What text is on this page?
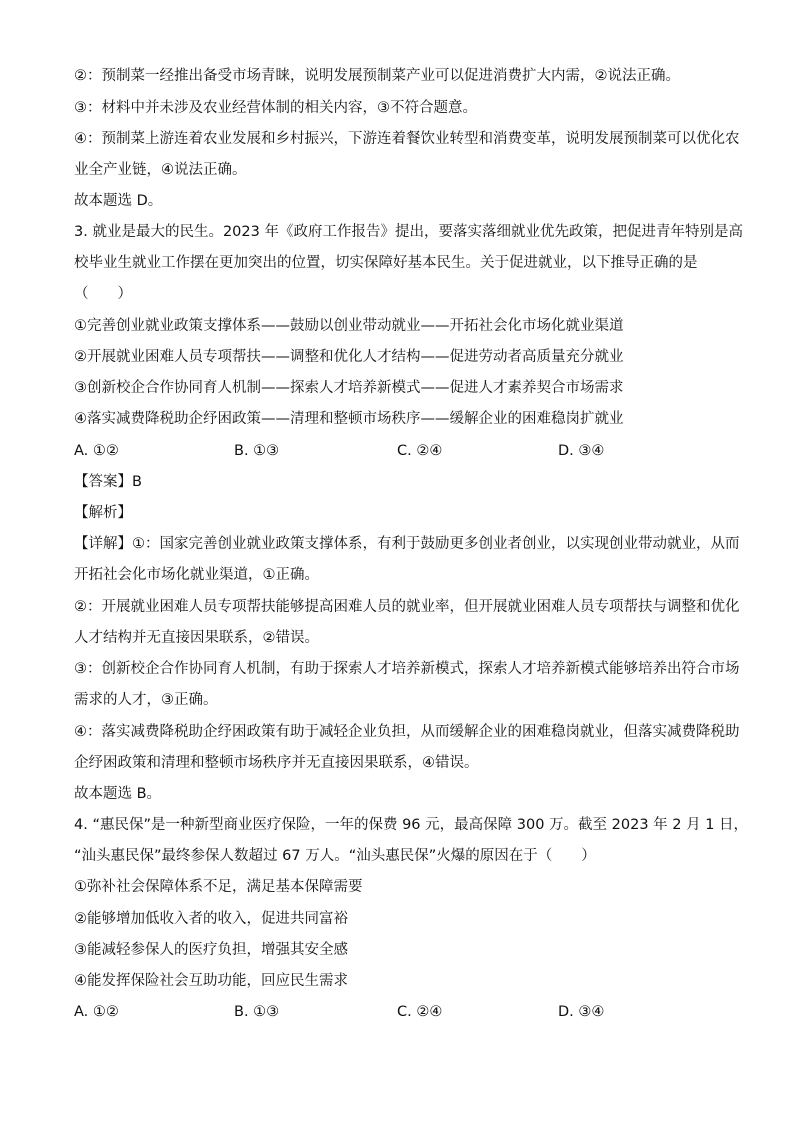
②：预制菜一经推出备受市场青睐，说明发展预制菜产业可以促进消费扩大内需，②说法正确。
③：材料中并未涉及农业经营体制的相关内容，③不符合题意。
④：预制菜上游连着农业发展和乡村振兴，下游连着餐饮业转型和消费变革，说明发展预制菜可以优化农
业全产业链，④说法正确。
故本题选 D。
3. 就业是最大的民生。2023 年《政府工作报告》提出，要落实落细就业优先政策，把促进青年特别是高
校毕业生就业工作摆在更加突出的位置，切实保障好基本民生。关于促进就业，以下推导正确的是
（　　）
①完善创业就业政策支撑体系——鼓励以创业带动就业——开拓社会化市场化就业渠道
②开展就业困难人员专项帮扶——调整和优化人才结构——促进劳动者高质量充分就业
③创新校企合作协同育人机制——探索人才培养新模式——促进人才素养契合市场需求
④落实减费降税助企纾困政策——清理和整顿市场秩序——缓解企业的困难稳岗扩就业
A. ①②	B. ①③	C. ②④	D. ③④
【答案】B
【解析】
【详解】①：国家完善创业就业政策支撑体系，有利于鼓励更多创业者创业，以实现创业带动就业，从而
开拓社会化市场化就业渠道，①正确。
②：开展就业困难人员专项帮扶能够提高困难人员的就业率，但开展就业困难人员专项帮扶与调整和优化
人才结构并无直接因果联系，②错误。
③：创新校企合作协同育人机制，有助于探索人才培养新模式，探索人才培养新模式能够培养出符合市场
需求的人才，③正确。
④：落实减费降税助企纾困政策有助于减轻企业负担，从而缓解企业的困难稳岗就业，但落实减费降税助
企纾困政策和清理和整顿市场秩序并无直接因果联系，④错误。
故本题选 B。
4. “惠民保”是一种新型商业医疗保险，一年的保费 96 元，最高保障 300 万。截至 2023 年 2 月 1 日，
“汕头惠民保”最终参保人数超过 67 万人。“汕头惠民保”火爆的原因在于（　　）
①弥补社会保障体系不足，满足基本保障需要
②能够增加低收入者的收入，促进共同富裕
③能减轻参保人的医疗负担，增强其安全感
④能发挥保险社会互助功能，回应民生需求
A. ①②	B. ①③	C. ②④	D. ③④
